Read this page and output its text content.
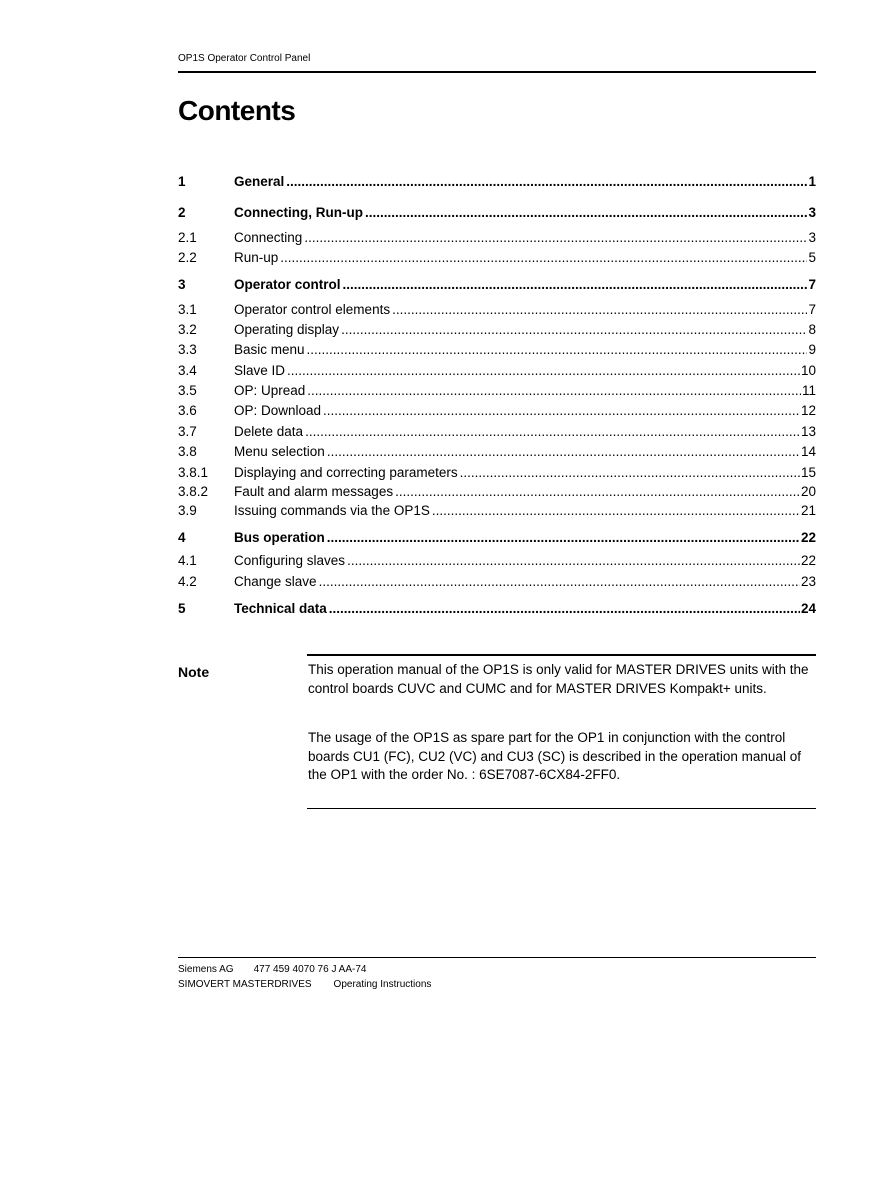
OP1S Operator Control Panel
Contents
1	General .....	1
2	Connecting, Run-up .....	3
2.1	Connecting .....	3
2.2	Run-up .....	5
3	Operator control .....	7
3.1	Operator control elements .....	7
3.2	Operating display .....	8
3.3	Basic menu .....	9
3.4	Slave ID .....	10
3.5	OP: Upread .....	11
3.6	OP: Download .....	12
3.7	Delete data .....	13
3.8	Menu selection .....	14
3.8.1 Displaying and correcting parameters .....	15
3.8.2 Fault and alarm messages .....	20
3.9	Issuing commands via the OP1S .....	21
4	Bus operation .....	22
4.1	Configuring slaves .....	22
4.2	Change slave .....	23
5	Technical data .....	24
Note	This operation manual of the OP1S is only valid for MASTER DRIVES units with the control boards CUVC and CUMC and for MASTER DRIVES Kompakt+ units.

The usage of the OP1S as spare part for the OP1 in conjunction with the control boards CU1 (FC), CU2 (VC) and CU3 (SC) is described in the operation manual of the OP1 with the order No. : 6SE7087-6CX84-2FF0.

Siemens AG 477 459 4070 76 J AA-74
SIMOVERT MASTERDRIVES Operating Instructions
